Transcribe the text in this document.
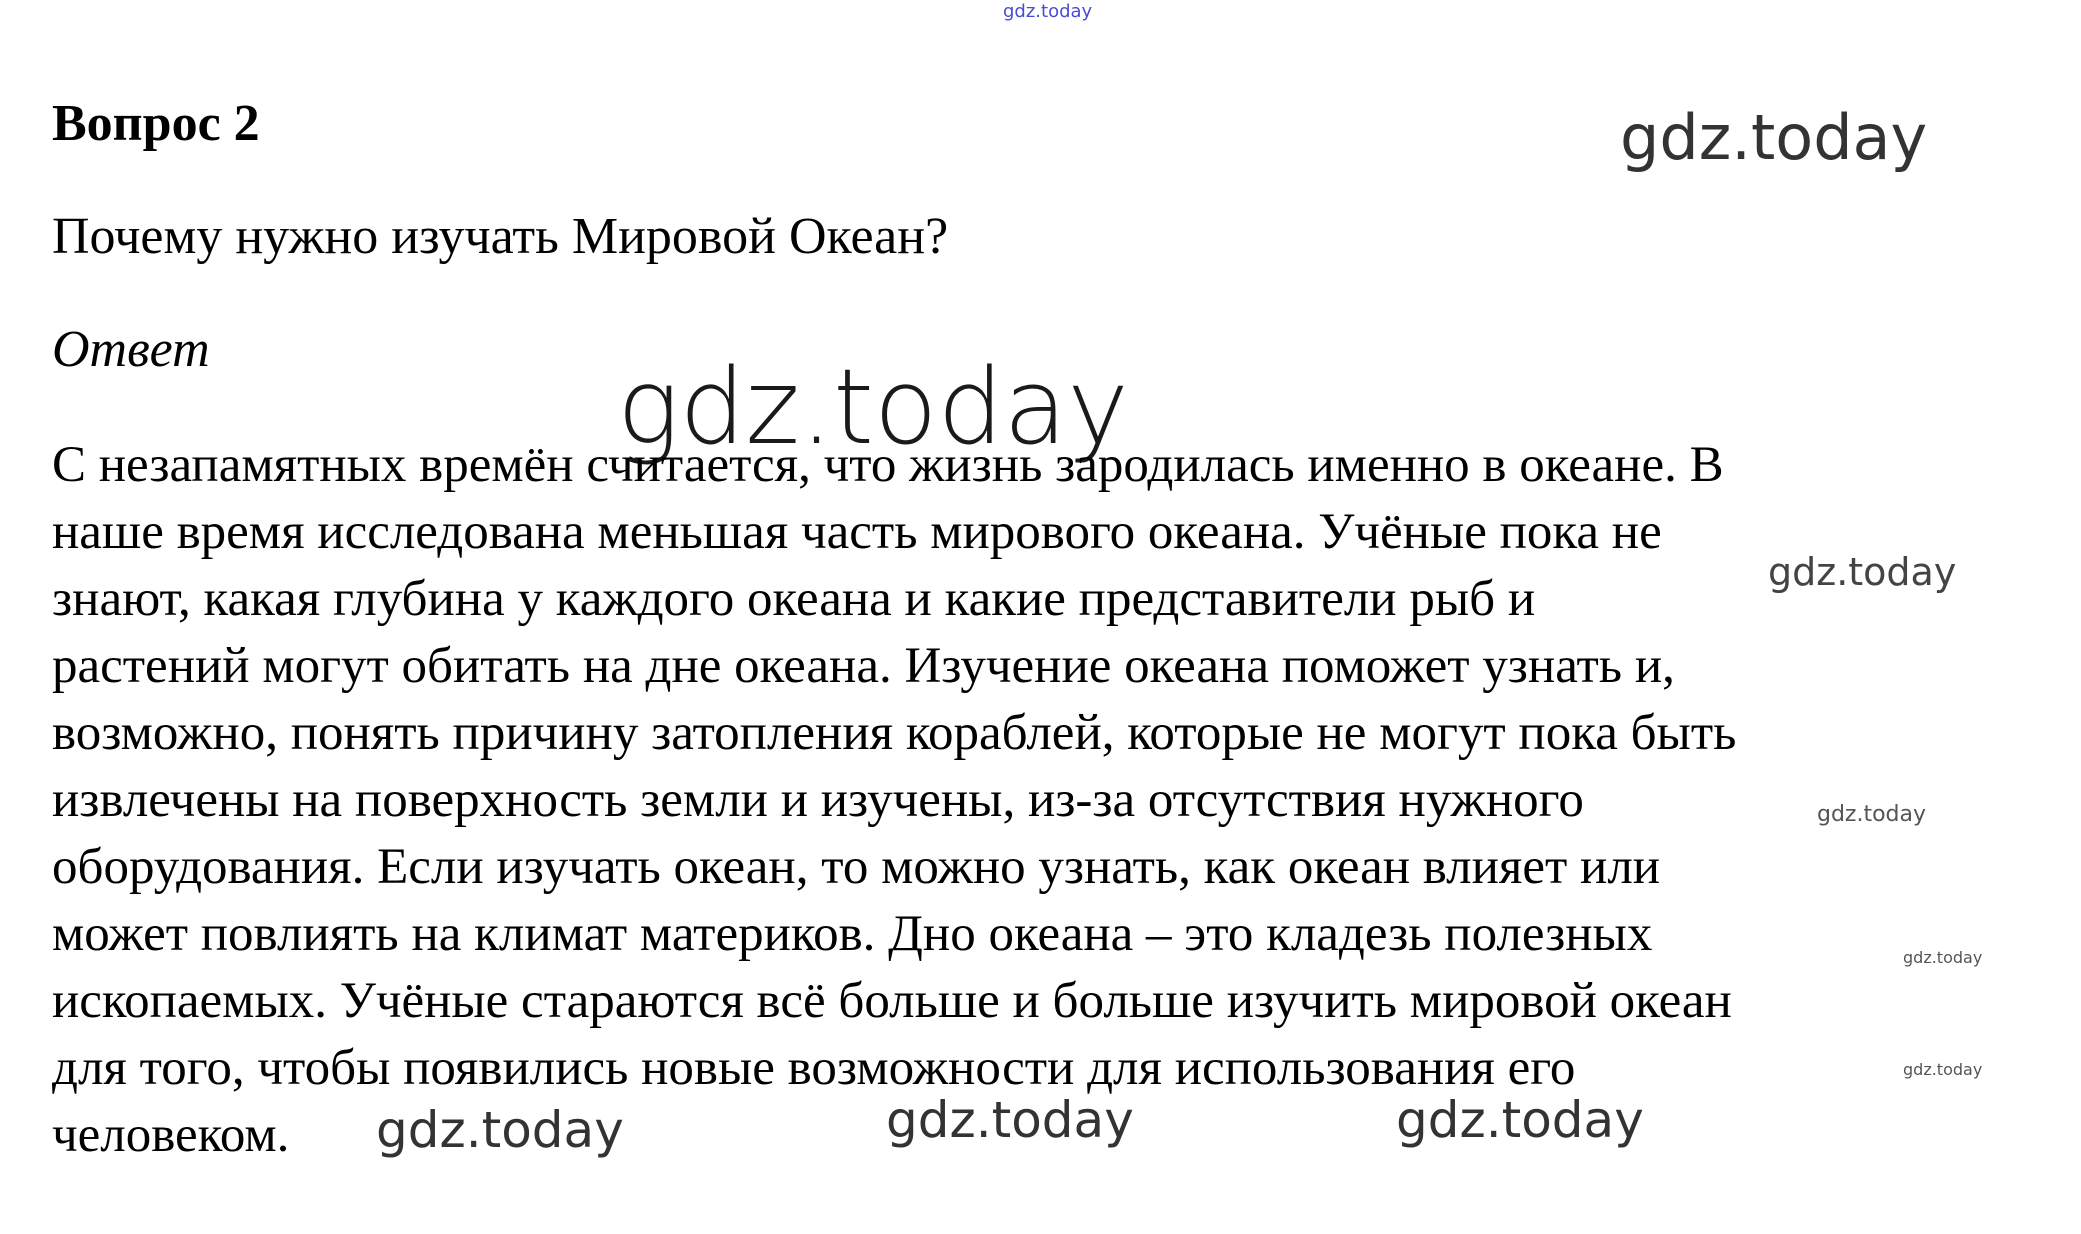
gdz.today
Вопрос 2	gdz.today
Почему нужно изучать Мировой Океан?
Ответ	gdz.today
С незапамятных времён считается, что жизнь зародилась именно в океане. В
наше время исследована меньшая часть мирового океана. Учёные пока не
знают, какая глубина у каждого океана и какие представители рыб и
растений могут обитать на дне океана. Изучение океана поможет узнать и,
возможно, понять причину затопления кораблей, которые не могут пока быть
извлечены на поверхность земли и изучены, из-за отсутствия нужного
оборудования. Если изучать океан, то можно узнать, как океан влияет или
может повлиять на климат материков. Дно океана – это кладезь полезных
ископаемых. Учёные стараются всё больше и больше изучить мировой океан
для того, чтобы появились новые возможности для использования его
человеком.
gdz.today
gdz.today
gdz.today
gdz.today
gdz.today	gdz.today	gdz.today
